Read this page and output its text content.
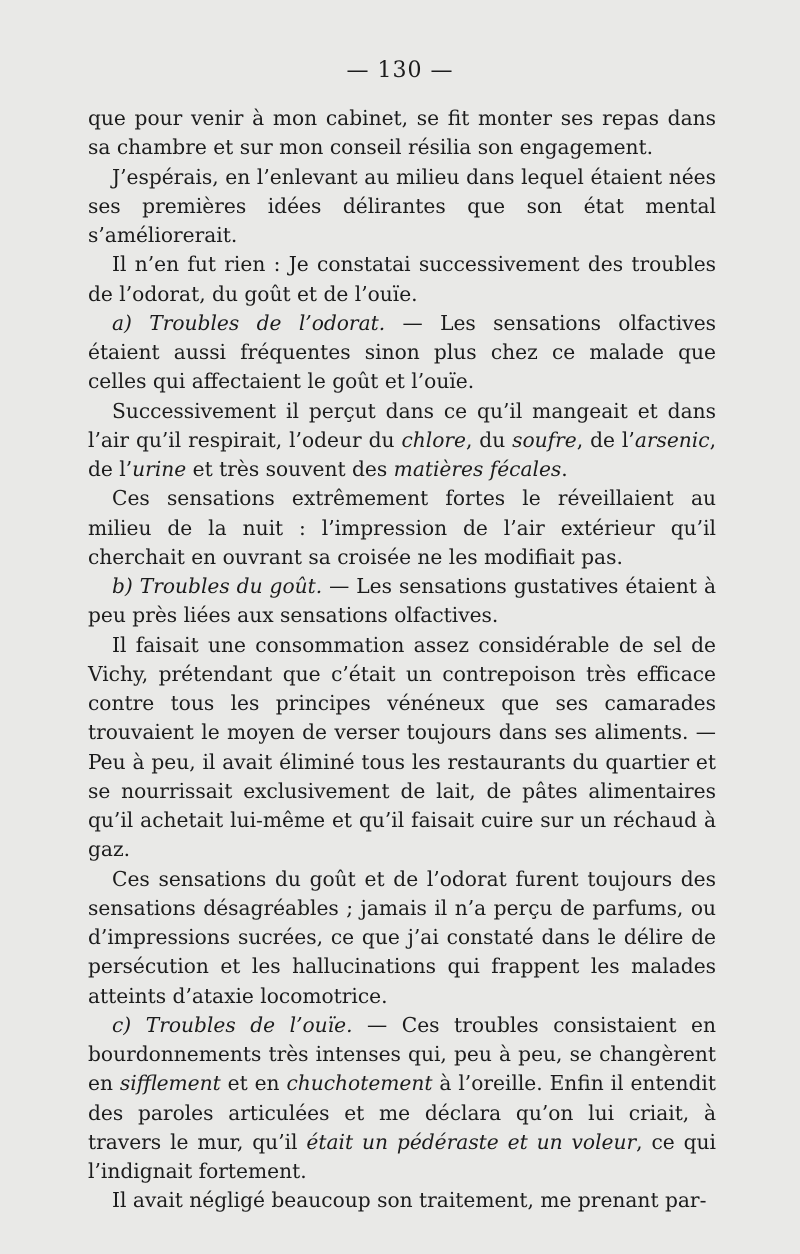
— 130 —

que pour venir à mon cabinet, se fit monter ses repas dans sa chambre et sur mon conseil résilia son engagement.

J’espérais, en l’enlevant au milieu dans lequel étaient nées ses premières idées délirantes que son état mental s’améliorerait.

Il n’en fut rien : Je constatai successivement des troubles de l’odorat, du goût et de l’ouïe.

a) Troubles de l’odorat. — Les sensations olfactives étaient aussi fréquentes sinon plus chez ce malade que celles qui affectaient le goût et l’ouïe.

Successivement il perçut dans ce qu’il mangeait et dans l’air qu’il respirait, l’odeur du chlore, du soufre, de l’arsenic, de l’urine et très souvent des matières fécales.

Ces sensations extrêmement fortes le réveillaient au milieu de la nuit : l’impression de l’air extérieur qu’il cherchait en ouvrant sa croisée ne les modifiait pas.

b) Troubles du goût. — Les sensations gustatives étaient à peu près liées aux sensations olfactives.

Il faisait une consommation assez considérable de sel de Vichy, prétendant que c’était un contrepoison très efficace contre tous les principes vénéneux que ses camarades trouvaient le moyen de verser toujours dans ses aliments. — Peu à peu, il avait éliminé tous les restaurants du quartier et se nourrissait exclusivement de lait, de pâtes alimentaires qu’il achetait lui-même et qu’il faisait cuire sur un réchaud à gaz.

Ces sensations du goût et de l’odorat furent toujours des sensations désagréables ; jamais il n’a perçu de parfums, ou d’impressions sucrées, ce que j’ai constaté dans le délire de persécution et les hallucinations qui frappent les malades atteints d’ataxie locomotrice.

c) Troubles de l’ouïe. — Ces troubles consistaient en bourdonnements très intenses qui, peu à peu, se changèrent en sifflement et en chuchotement à l’oreille. Enfin il entendit des paroles articulées et me déclara qu’on lui criait, à travers le mur, qu’il était un pédéraste et un voleur, ce qui l’indignait fortement.

Il avait négligé beaucoup son traitement, me prenant par-
